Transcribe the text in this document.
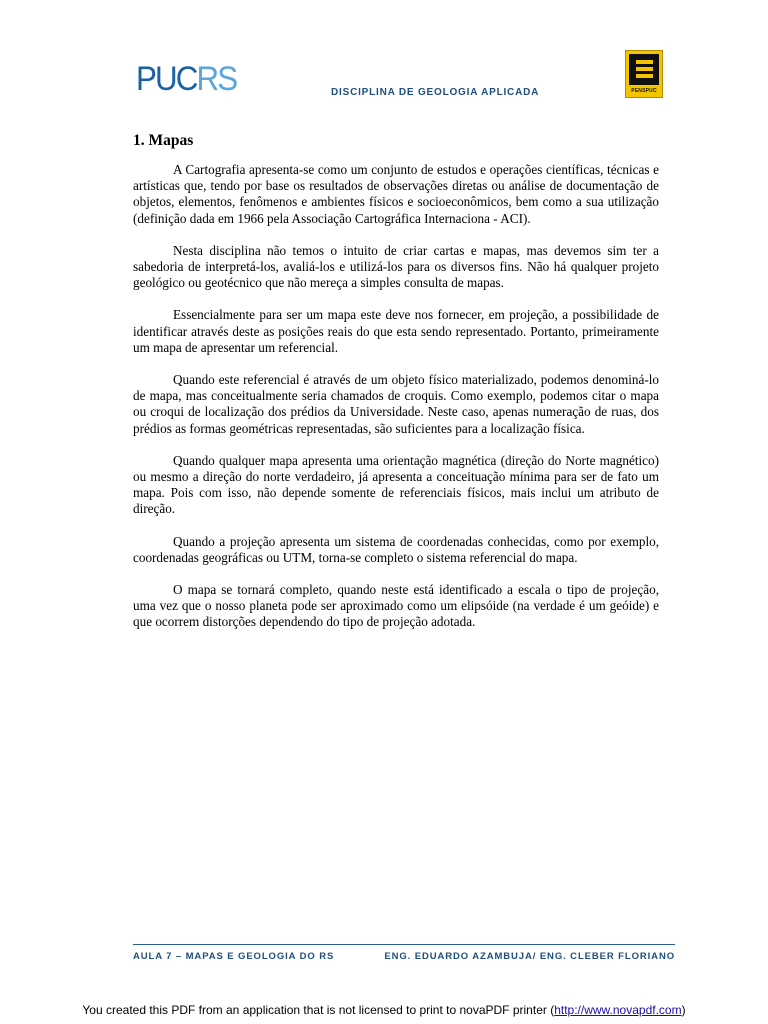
PUCRS	DISCIPLINA DE GEOLOGIA APLICADA	PENSPUC
1. Mapas

A Cartografia apresenta-se como um conjunto de estudos e operações científicas, técnicas e artísticas que, tendo por base os resultados de observações diretas ou análise de documentação de objetos, elementos, fenômenos e ambientes físicos e socioeconômicos, bem como a sua utilização (definição dada em 1966 pela Associação Cartográfica Internaciona - ACI).

Nesta disciplina não temos o intuito de criar cartas e mapas, mas devemos sim ter a sabedoria de interpretá-los, avaliá-los e utilizá-los para os diversos fins. Não há qualquer projeto geológico ou geotécnico que não mereça a simples consulta de mapas.

Essencialmente para ser um mapa este deve nos fornecer, em projeção, a possibilidade de identificar através deste as posições reais do que esta sendo representado. Portanto, primeiramente um mapa de apresentar um referencial.

Quando este referencial é através de um objeto físico materializado, podemos denominá-lo de mapa, mas conceitualmente seria chamados de croquis. Como exemplo, podemos citar o mapa ou croqui de localização dos prédios da Universidade. Neste caso, apenas numeração de ruas, dos prédios as formas geométricas representadas, são suficientes para a localização física.

Quando qualquer mapa apresenta uma orientação magnética (direção do Norte magnético) ou mesmo a direção do norte verdadeiro, já apresenta a conceituação mínima para ser de fato um mapa. Pois com isso, não depende somente de referenciais físicos, mais inclui um atributo de direção.

Quando a projeção apresenta um sistema de coordenadas conhecidas, como por exemplo, coordenadas geográficas ou UTM, torna-se completo o sistema referencial do mapa.

O mapa se tornará completo, quando neste está identificado a escala o tipo de projeção, uma vez que o nosso planeta pode ser aproximado como um elipsóide (na verdade é um geóide) e que ocorrem distorções dependendo do tipo de projeção adotada.

AULA 7 – MAPAS E GEOLOGIA DO RS	ENG. EDUARDO AZAMBUJA/ ENG. CLEBER FLORIANO
You created this PDF from an application that is not licensed to print to novaPDF printer (http://www.novapdf.com)
